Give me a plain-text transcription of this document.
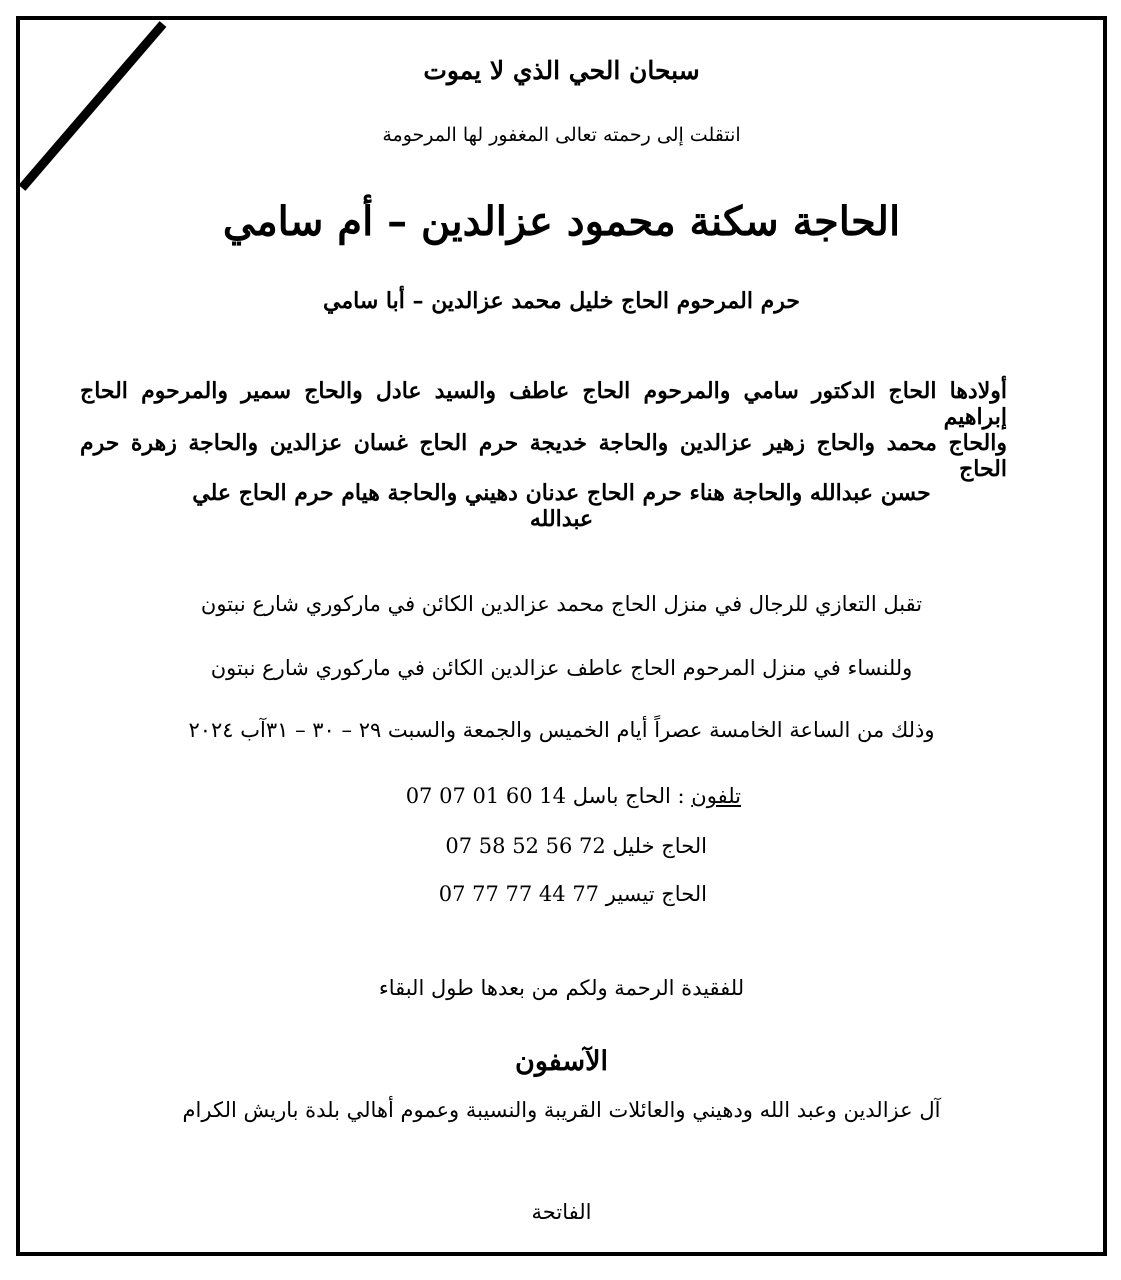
سبحان الحي الذي لا يموت
انتقلت إلى رحمته تعالى المغفور لها المرحومة
الحاجة سكنة محمود عزالدين – أم سامي
حرم المرحوم الحاج خليل محمد عزالدين – أبا سامي
أولادها الحاج الدكتور سامي والمرحوم الحاج عاطف والسيد عادل والحاج سمير والمرحوم الحاج إبراهيم
والحاج محمد والحاج زهير عزالدين والحاجة خديجة حرم الحاج غسان عزالدين والحاجة زهرة حرم الحاج
حسن عبدالله والحاجة هناء حرم الحاج عدنان دهيني والحاجة هيام حرم الحاج علي عبدالله
تقبل التعازي للرجال في منزل الحاج محمد عزالدين الكائن في ماركوري شارع نبتون
وللنساء في منزل المرحوم الحاج عاطف عزالدين الكائن في ماركوري شارع نبتون
وذلك من الساعة الخامسة عصراً أيام الخميس والجمعة والسبت ٢٩ – ٣٠ – ٣١آب ٢٠٢٤
تلفون : الحاج باسل 07 07 01 60 14
الحاج خليل 07 58 52 56 72
الحاج تيسير 07 77 77 44 77
للفقيدة الرحمة ولكم من بعدها طول البقاء
الآسفون
آل عزالدين وعبد الله ودهيني والعائلات القريبة والنسيبة وعموم أهالي بلدة باريش الكرام
الفاتحة
